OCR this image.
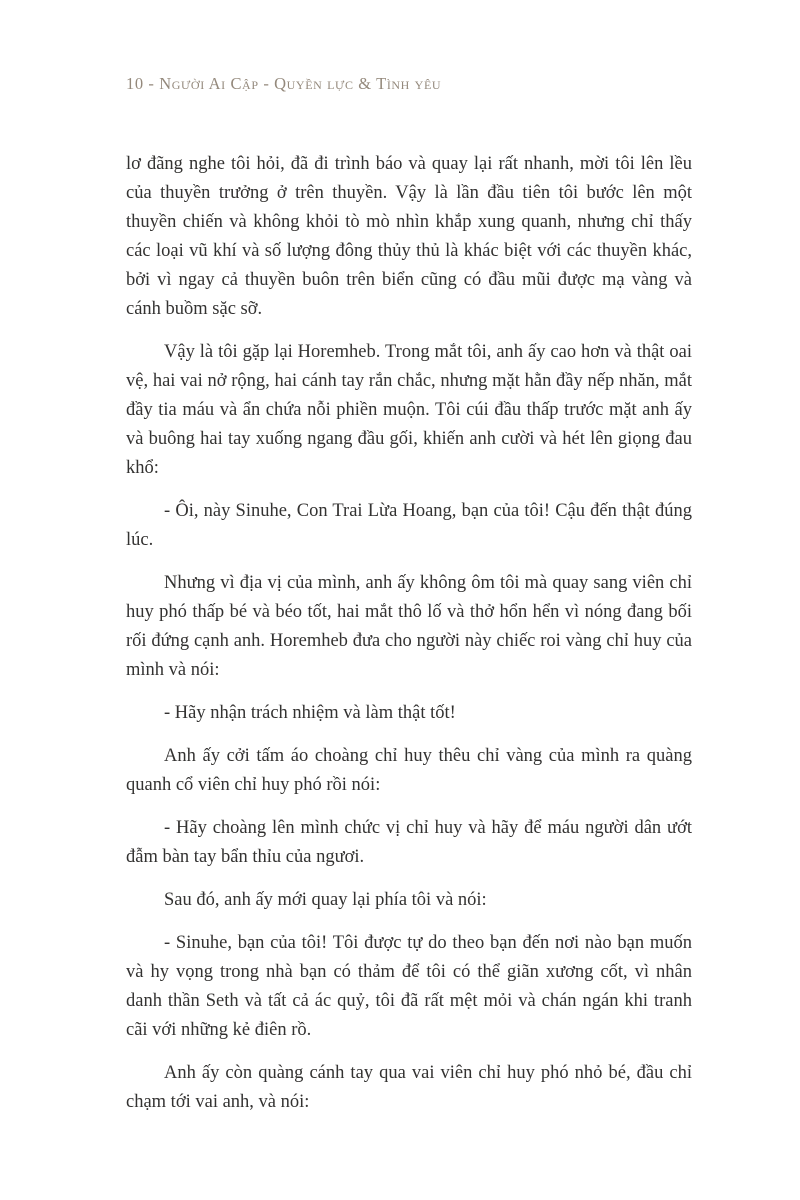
10 - Người Ai Cập - Quyền lực & Tình yêu

lơ đãng nghe tôi hỏi, đã đi trình báo và quay lại rất nhanh, mời tôi lên lều của thuyền trưởng ở trên thuyền. Vậy là lần đầu tiên tôi bước lên một thuyền chiến và không khỏi tò mò nhìn khắp xung quanh, nhưng chỉ thấy các loại vũ khí và số lượng đông thủy thủ là khác biệt với các thuyền khác, bởi vì ngay cả thuyền buôn trên biển cũng có đầu mũi được mạ vàng và cánh buồm sặc sỡ.

Vậy là tôi gặp lại Horemheb. Trong mắt tôi, anh ấy cao hơn và thật oai vệ, hai vai nở rộng, hai cánh tay rắn chắc, nhưng mặt hằn đầy nếp nhăn, mắt đầy tia máu và ẩn chứa nỗi phiền muộn. Tôi cúi đầu thấp trước mặt anh ấy và buông hai tay xuống ngang đầu gối, khiến anh cười và hét lên giọng đau khổ:

- Ôi, này Sinuhe, Con Trai Lừa Hoang, bạn của tôi! Cậu đến thật đúng lúc.

Nhưng vì địa vị của mình, anh ấy không ôm tôi mà quay sang viên chỉ huy phó thấp bé và béo tốt, hai mắt thô lố và thở hổn hển vì nóng đang bối rối đứng cạnh anh. Horemheb đưa cho người này chiếc roi vàng chỉ huy của mình và nói:

- Hãy nhận trách nhiệm và làm thật tốt!

Anh ấy cởi tấm áo choàng chỉ huy thêu chỉ vàng của mình ra quàng quanh cổ viên chỉ huy phó rồi nói:

- Hãy choàng lên mình chức vị chỉ huy và hãy để máu người dân ướt đẫm bàn tay bẩn thỉu của ngươi.

Sau đó, anh ấy mới quay lại phía tôi và nói:

- Sinuhe, bạn của tôi! Tôi được tự do theo bạn đến nơi nào bạn muốn và hy vọng trong nhà bạn có thảm để tôi có thể giãn xương cốt, vì nhân danh thần Seth và tất cả ác quỷ, tôi đã rất mệt mỏi và chán ngán khi tranh cãi với những kẻ điên rồ.

Anh ấy còn quàng cánh tay qua vai viên chỉ huy phó nhỏ bé, đầu chỉ chạm tới vai anh, và nói:
